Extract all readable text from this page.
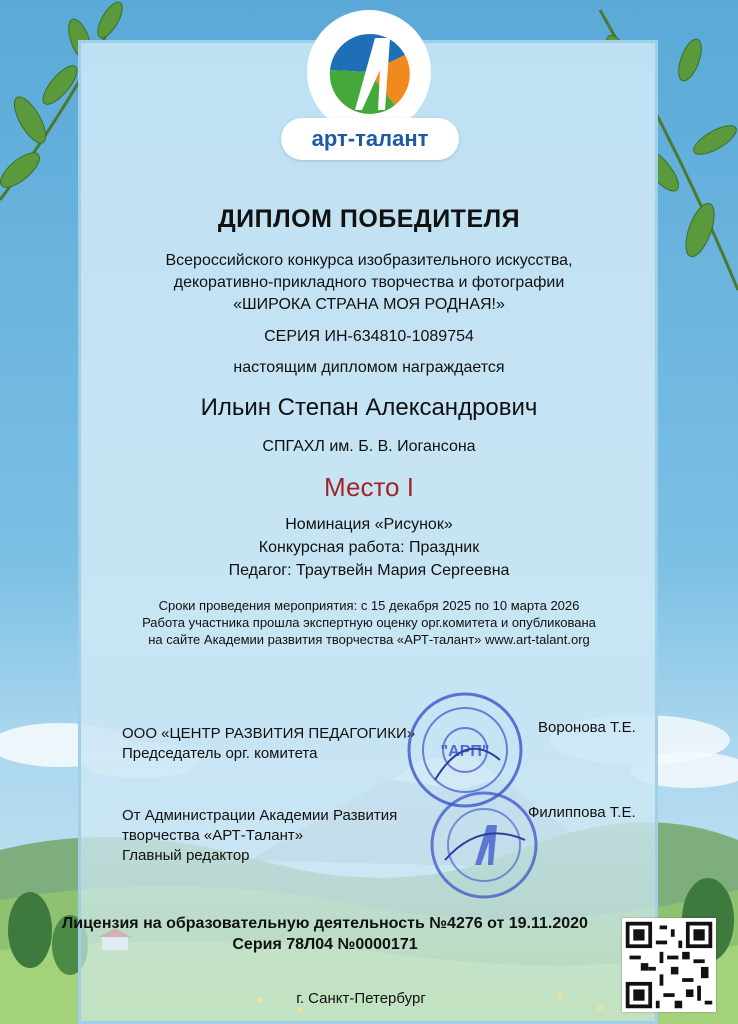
арт-талант
ДИПЛОМ ПОБЕДИТЕЛЯ
Всероссийского конкурса изобразительного искусства,
декоративно-прикладного творчества и фотографии
«ШИРОКА СТРАНА МОЯ РОДНАЯ!»
СЕРИЯ ИН-634810-1089754
настоящим дипломом награждается
Ильин Степан Александрович
СПГАХЛ им. Б. В. Иогансона
Место I
Номинация «Рисунок»
Конкурсная работа: Праздник
Педагог: Траутвейн Мария Сергеевна
Сроки проведения мероприятия: с 15 декабря 2025 по 10 марта 2026
Работа участника прошла экспертную оценку орг.комитета и опубликована
на сайте Академии развития творчества «АРТ-талант» www.art-talant.org
ООО «ЦЕНТР РАЗВИТИЯ ПЕДАГОГИКИ»
Председатель орг. комитета
Воронова Т.Е.
От Администрации Академии Развития
творчества «АРТ-Талант»
Главный редактор
Филиппова Т.Е.
"АРП"
Лицензия на образовательную деятельность №4276 от 19.11.2020
Серия 78Л04 №0000171
г. Санкт-Петербург
